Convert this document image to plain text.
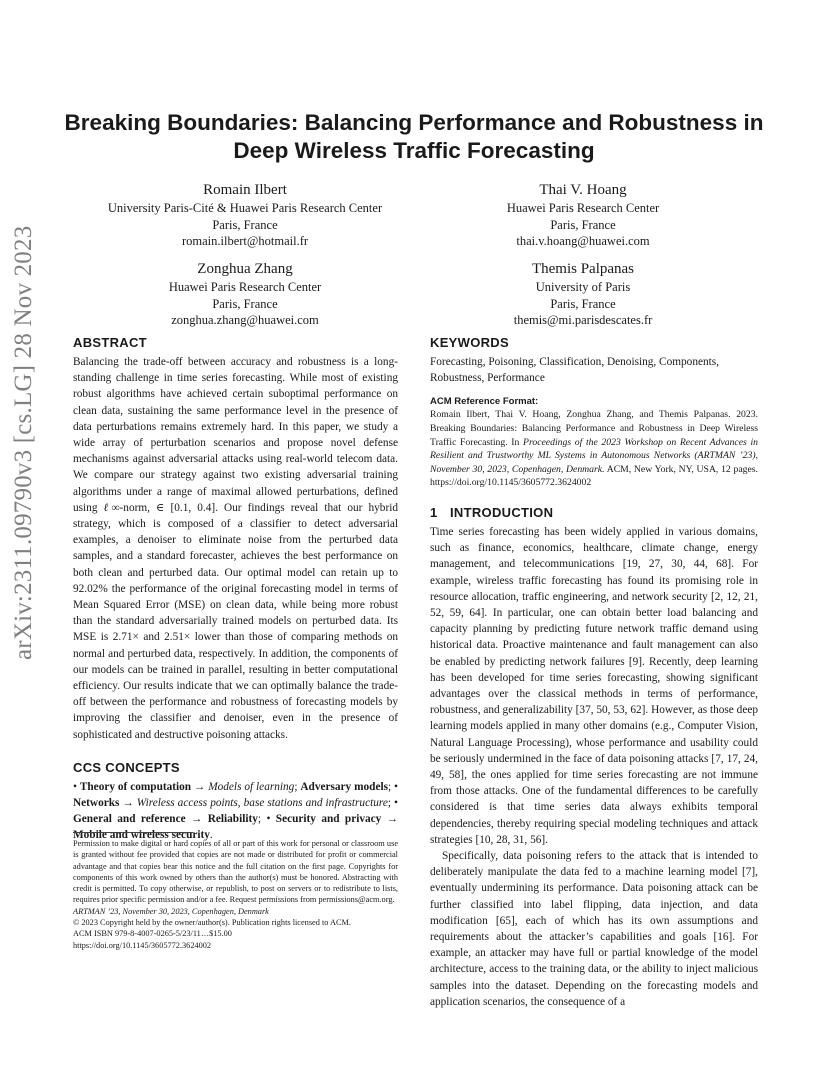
arXiv:2311.09790v3 [cs.LG] 28 Nov 2023
Breaking Boundaries: Balancing Performance and Robustness in
Deep Wireless Traffic Forecasting
Romain Ilbert
University Paris-Cité & Huawei Paris Research Center
Paris, France
romain.ilbert@hotmail.fr
Thai V. Hoang
Huawei Paris Research Center
Paris, France
thai.v.hoang@huawei.com
Zonghua Zhang
Huawei Paris Research Center
Paris, France
zonghua.zhang@huawei.com
Themis Palpanas
University of Paris
Paris, France
themis@mi.parisdescates.fr
ABSTRACT

Balancing the trade-off between accuracy and robustness is a long-standing challenge in time series forecasting. While most of existing robust algorithms have achieved certain suboptimal performance on clean data, sustaining the same performance level in the presence of data perturbations remains extremely hard. In this paper, we study a wide array of perturbation scenarios and propose novel defense mechanisms against adversarial attacks using real-world telecom data. We compare our strategy against two existing adversarial training algorithms under a range of maximal allowed perturbations, defined using ℓ∞-norm, ∈ [0.1, 0.4]. Our findings reveal that our hybrid strategy, which is composed of a classifier to detect adversarial examples, a denoiser to eliminate noise from the perturbed data samples, and a standard forecaster, achieves the best performance on both clean and perturbed data. Our optimal model can retain up to 92.02% the performance of the original forecasting model in terms of Mean Squared Error (MSE) on clean data, while being more robust than the standard adversarially trained models on perturbed data. Its MSE is 2.71× and 2.51× lower than those of comparing methods on normal and perturbed data, respectively. In addition, the components of our models can be trained in parallel, resulting in better computational efficiency. Our results indicate that we can optimally balance the trade-off between the performance and robustness of forecasting models by improving the classifier and denoiser, even in the presence of sophisticated and destructive poisoning attacks.

CCS CONCEPTS

• Theory of computation → Models of learning; Adversary models; • Networks → Wireless access points, base stations and infrastructure; • General and reference → Reliability; • Security and privacy → Mobile and wireless security.

Permission to make digital or hard copies of all or part of this work for personal or classroom use is granted without fee provided that copies are not made or distributed for profit or commercial advantage and that copies bear this notice and the full citation on the first page. Copyrights for components of this work owned by others than the author(s) must be honored. Abstracting with credit is permitted. To copy otherwise, or republish, to post on servers or to redistribute to lists, requires prior specific permission and/or a fee. Request permissions from permissions@acm.org.
ARTMAN ’23, November 30, 2023, Copenhagen, Denmark
© 2023 Copyright held by the owner/author(s). Publication rights licensed to ACM.
ACM ISBN 979-8-4007-0265-5/23/11…$15.00
https://doi.org/10.1145/3605772.3624002
KEYWORDS

Forecasting, Poisoning, Classification, Denoising, Components, Robustness, Performance

ACM Reference Format:

Romain Ilbert, Thai V. Hoang, Zonghua Zhang, and Themis Palpanas. 2023. Breaking Boundaries: Balancing Performance and Robustness in Deep Wireless Traffic Forecasting. In Proceedings of the 2023 Workshop on Recent Advances in Resilient and Trustworthy ML Systems in Autonomous Networks (ARTMAN ’23), November 30, 2023, Copenhagen, Denmark. ACM, New York, NY, USA, 12 pages. https://doi.org/10.1145/3605772.3624002

1 INTRODUCTION

Time series forecasting has been widely applied in various domains, such as finance, economics, healthcare, climate change, energy management, and telecommunications [19, 27, 30, 44, 68]. For example, wireless traffic forecasting has found its promising role in resource allocation, traffic engineering, and network security [2, 12, 21, 52, 59, 64]. In particular, one can obtain better load balancing and capacity planning by predicting future network traffic demand using historical data. Proactive maintenance and fault management can also be enabled by predicting network failures [9]. Recently, deep learning has been developed for time series forecasting, showing significant advantages over the classical methods in terms of performance, robustness, and generalizability [37, 50, 53, 62]. However, as those deep learning models applied in many other domains (e.g., Computer Vision, Natural Language Processing), whose performance and usability could be seriously undermined in the face of data poisoning attacks [7, 17, 24, 49, 58], the ones applied for time series forecasting are not immune from those attacks. One of the fundamental differences to be carefully considered is that time series data always exhibits temporal dependencies, thereby requiring special modeling techniques and attack strategies [10, 28, 31, 56].

Specifically, data poisoning refers to the attack that is intended to deliberately manipulate the data fed to a machine learning model [7], eventually undermining its performance. Data poisoning attack can be further classified into label flipping, data injection, and data modification [65], each of which has its own assumptions and requirements about the attacker’s capabilities and goals [16]. For example, an attacker may have full or partial knowledge of the model architecture, access to the training data, or the ability to inject malicious samples into the dataset. Depending on the forecasting models and application scenarios, the consequence of a
